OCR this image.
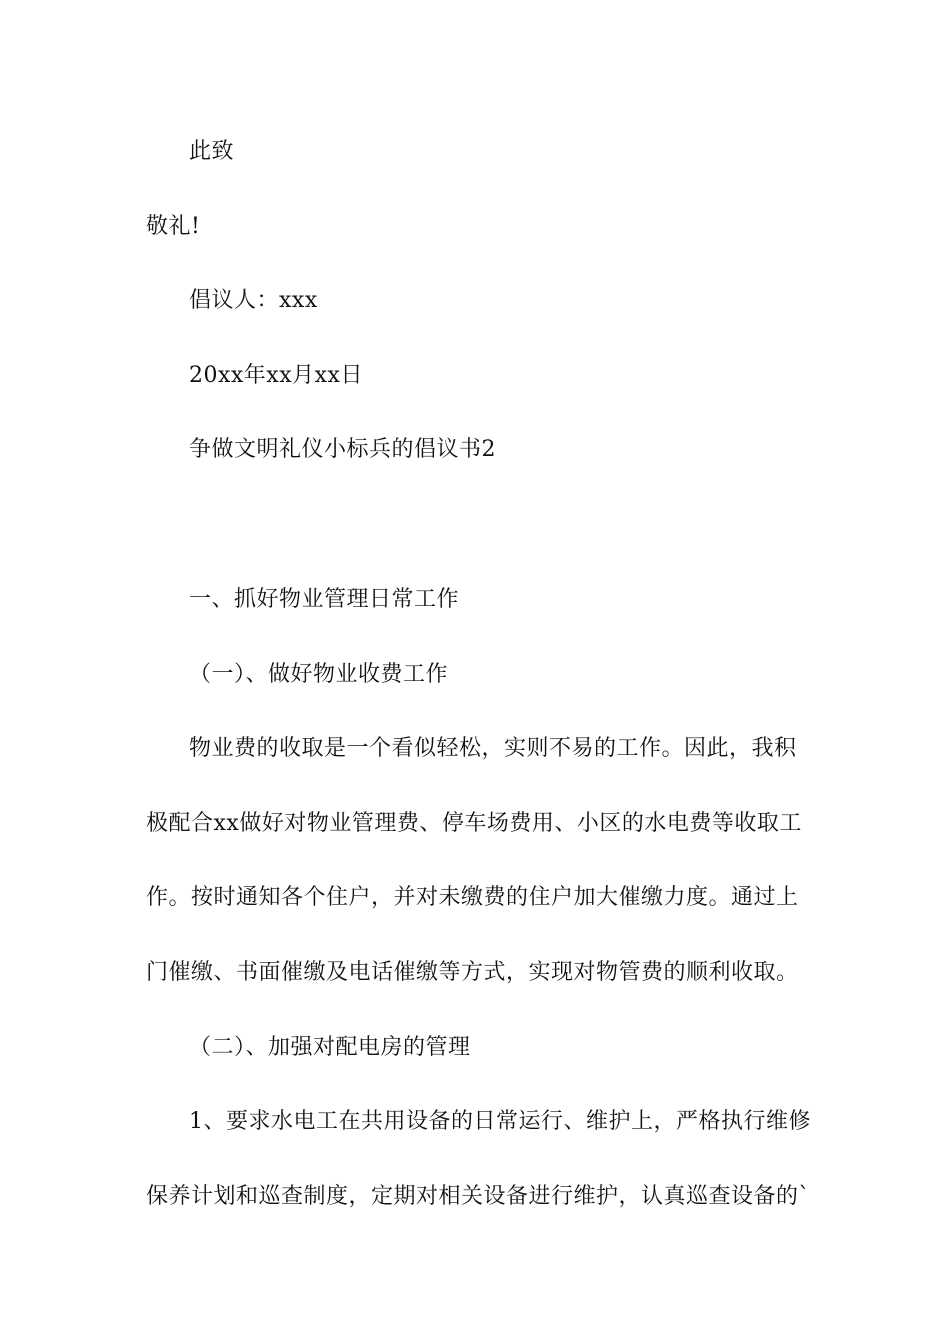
此致
敬礼!
倡议人：xxx
20xx年xx月xx日
争做文明礼仪小标兵的倡议书2
一、抓好物业管理日常工作
（一）、做好物业收费工作
物业费的收取是一个看似轻松，实则不易的工作。因此，我积
极配合xx做好对物业管理费、停车场费用、小区的水电费等收取工
作。按时通知各个住户，并对未缴费的住户加大催缴力度。通过上
门催缴、书面催缴及电话催缴等方式，实现对物管费的顺利收取。
（二）、加强对配电房的管理
1、要求水电工在共用设备的日常运行、维护上，严格执行维修
保养计划和巡查制度，定期对相关设备进行维护，认真巡查设备的`
